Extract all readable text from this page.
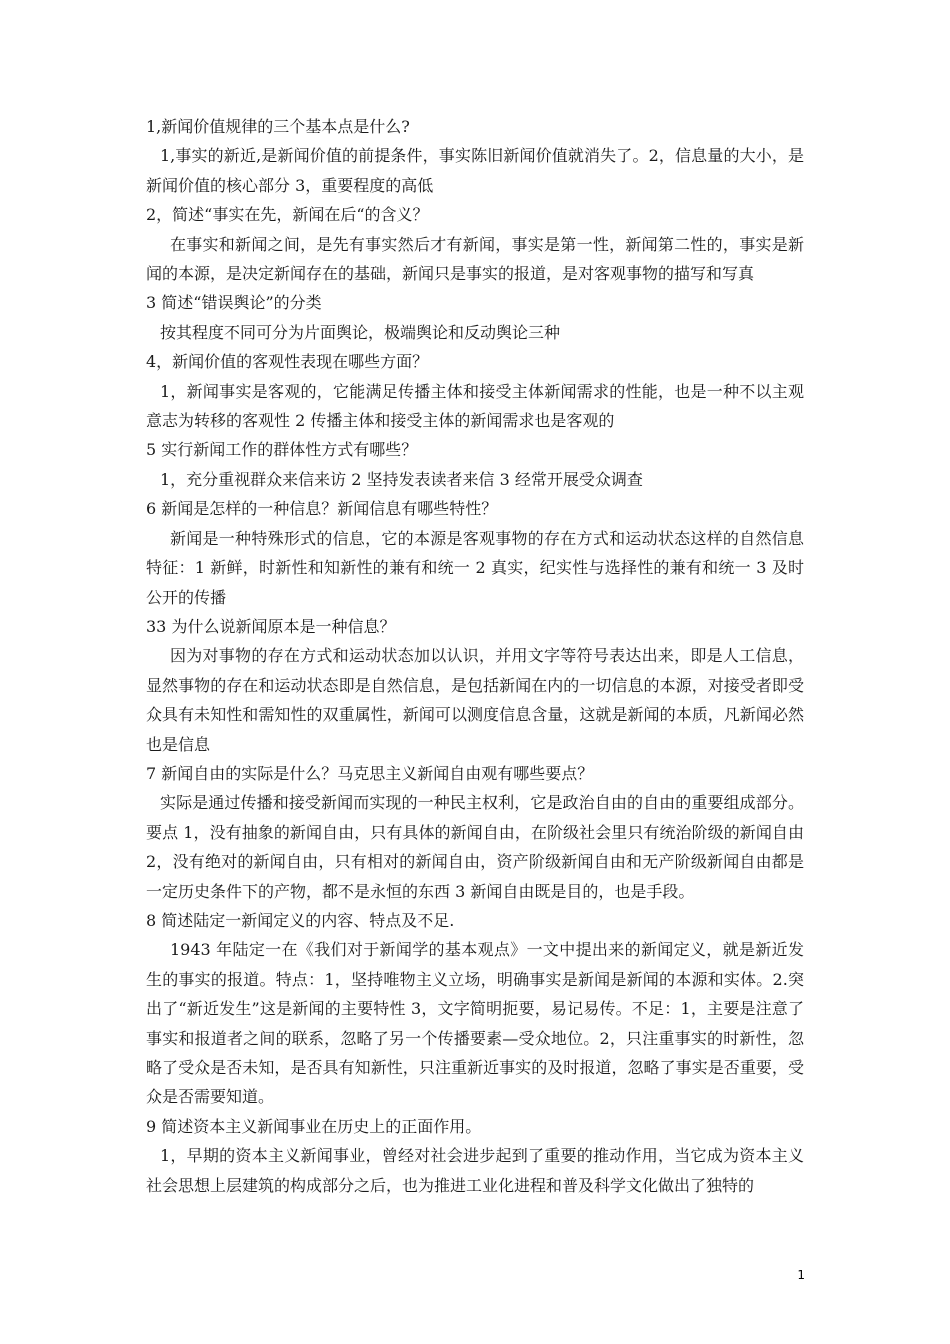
1,新闻价值规律的三个基本点是什么?

1,事实的新近,是新闻价值的前提条件，事实陈旧新闻价值就消失了。2，信息量的大小，是新闻价值的核心部分 3，重要程度的高低

2，简述“事实在先，新闻在后“的含义？

在事实和新闻之间，是先有事实然后才有新闻，事实是第一性，新闻第二性的，事实是新闻的本源，是决定新闻存在的基础，新闻只是事实的报道，是对客观事物的描写和写真

3 简述“错误舆论”的分类

按其程度不同可分为片面舆论，极端舆论和反动舆论三种

4，新闻价值的客观性表现在哪些方面？

1，新闻事实是客观的，它能满足传播主体和接受主体新闻需求的性能，也是一种不以主观意志为转移的客观性 2 传播主体和接受主体的新闻需求也是客观的

5 实行新闻工作的群体性方式有哪些？

1，充分重视群众来信来访 2 坚持发表读者来信 3 经常开展受众调查

6 新闻是怎样的一种信息？新闻信息有哪些特性？

新闻是一种特殊形式的信息，它的本源是客观事物的存在方式和运动状态这样的自然信息 特征：1 新鲜，时新性和知新性的兼有和统一 2 真实，纪实性与选择性的兼有和统一 3 及时公开的传播

33 为什么说新闻原本是一种信息？

因为对事物的存在方式和运动状态加以认识，并用文字等符号表达出来，即是人工信息，显然事物的存在和运动状态即是自然信息，是包括新闻在内的一切信息的本源，对接受者即受众具有未知性和需知性的双重属性，新闻可以测度信息含量，这就是新闻的本质，凡新闻必然也是信息

7 新闻自由的实际是什么？马克思主义新闻自由观有哪些要点？

实际是通过传播和接受新闻而实现的一种民主权利，它是政治自由的自由的重要组成部分。要点 1，没有抽象的新闻自由，只有具体的新闻自由，在阶级社会里只有统治阶级的新闻自由 2，没有绝对的新闻自由，只有相对的新闻自由，资产阶级新闻自由和无产阶级新闻自由都是一定历史条件下的产物，都不是永恒的东西 3 新闻自由既是目的，也是手段。

8 简述陆定一新闻定义的内容、特点及不足.

1943 年陆定一在《我们对于新闻学的基本观点》一文中提出来的新闻定义，就是新近发生的事实的报道。特点：1，坚持唯物主义立场，明确事实是新闻是新闻的本源和实体。2.突出了“新近发生”这是新闻的主要特性 3，文字简明扼要，易记易传。不足：1，主要是注意了事实和报道者之间的联系，忽略了另一个传播要素—受众地位。2，只注重事实的时新性，忽略了受众是否未知，是否具有知新性，只注重新近事实的及时报道，忽略了事实是否重要，受众是否需要知道。

9 简述资本主义新闻事业在历史上的正面作用。

1，早期的资本主义新闻事业，曾经对社会进步起到了重要的推动作用，当它成为资本主义社会思想上层建筑的构成部分之后，也为推进工业化进程和普及科学文化做出了独特的

1
